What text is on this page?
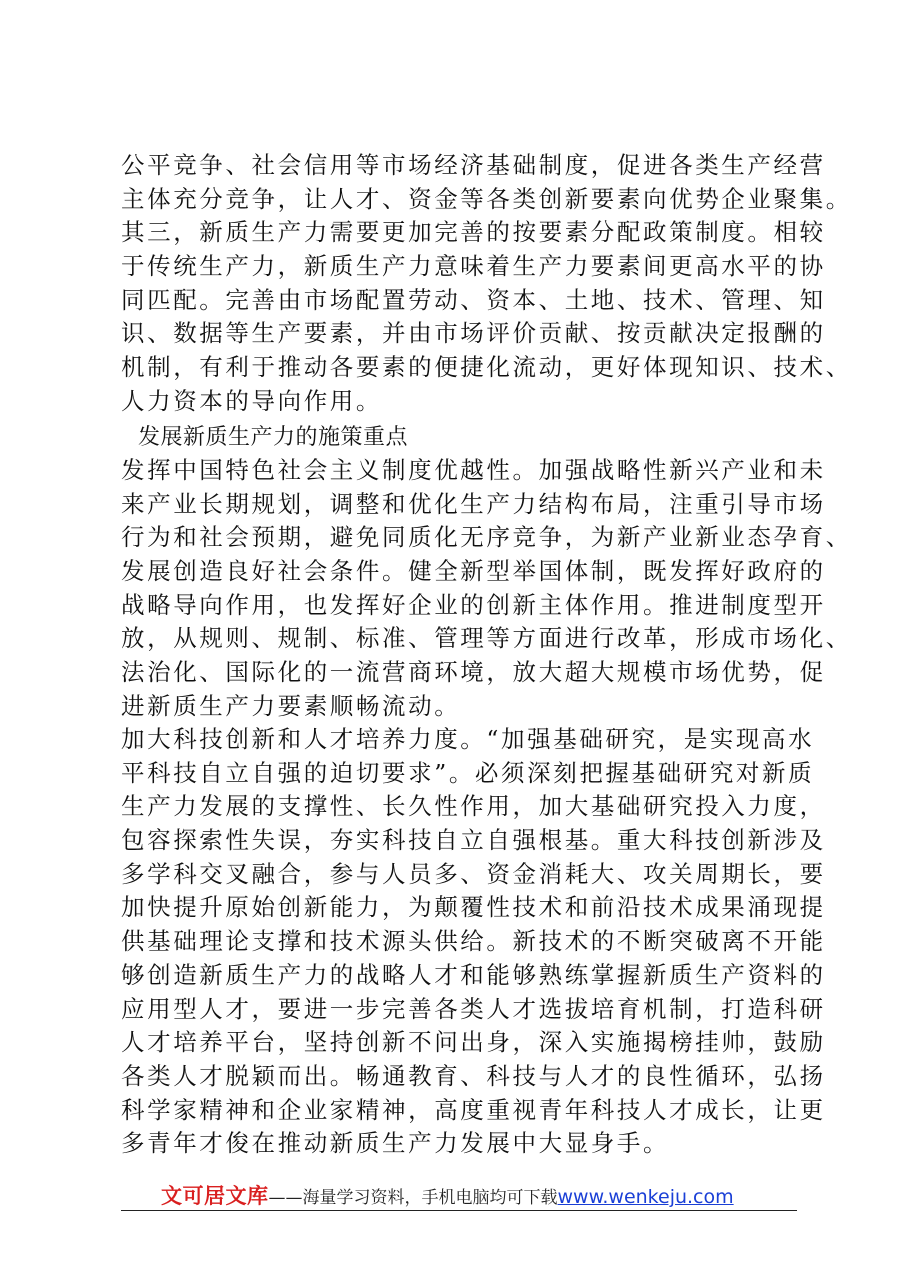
公平竞争、社会信用等市场经济基础制度，促进各类生产经营
主体充分竞争，让人才、资金等各类创新要素向优势企业聚集。
其三，新质生产力需要更加完善的按要素分配政策制度。相较
于传统生产力，新质生产力意味着生产力要素间更高水平的协
同匹配。完善由市场配置劳动、资本、土地、技术、管理、知
识、数据等生产要素，并由市场评价贡献、按贡献决定报酬的
机制，有利于推动各要素的便捷化流动，更好体现知识、技术、
人力资本的导向作用。
发展新质生产力的施策重点
发挥中国特色社会主义制度优越性。加强战略性新兴产业和未
来产业长期规划，调整和优化生产力结构布局，注重引导市场
行为和社会预期，避免同质化无序竞争，为新产业新业态孕育、
发展创造良好社会条件。健全新型举国体制，既发挥好政府的
战略导向作用，也发挥好企业的创新主体作用。推进制度型开
放，从规则、规制、标准、管理等方面进行改革，形成市场化、
法治化、国际化的一流营商环境，放大超大规模市场优势，促
进新质生产力要素顺畅流动。
加大科技创新和人才培养力度。“加强基础研究，是实现高水
平科技自立自强的迫切要求”。必须深刻把握基础研究对新质
生产力发展的支撑性、长久性作用，加大基础研究投入力度，
包容探索性失误，夯实科技自立自强根基。重大科技创新涉及
多学科交叉融合，参与人员多、资金消耗大、攻关周期长，要
加快提升原始创新能力，为颠覆性技术和前沿技术成果涌现提
供基础理论支撑和技术源头供给。新技术的不断突破离不开能
够创造新质生产力的战略人才和能够熟练掌握新质生产资料的
应用型人才，要进一步完善各类人才选拔培育机制，打造科研
人才培养平台，坚持创新不问出身，深入实施揭榜挂帅，鼓励
各类人才脱颖而出。畅通教育、科技与人才的良性循环，弘扬
科学家精神和企业家精神，高度重视青年科技人才成长，让更
多青年才俊在推动新质生产力发展中大显身手。
文可居文库——海量学习资料，手机电脑均可下载www.wenkeju.com
